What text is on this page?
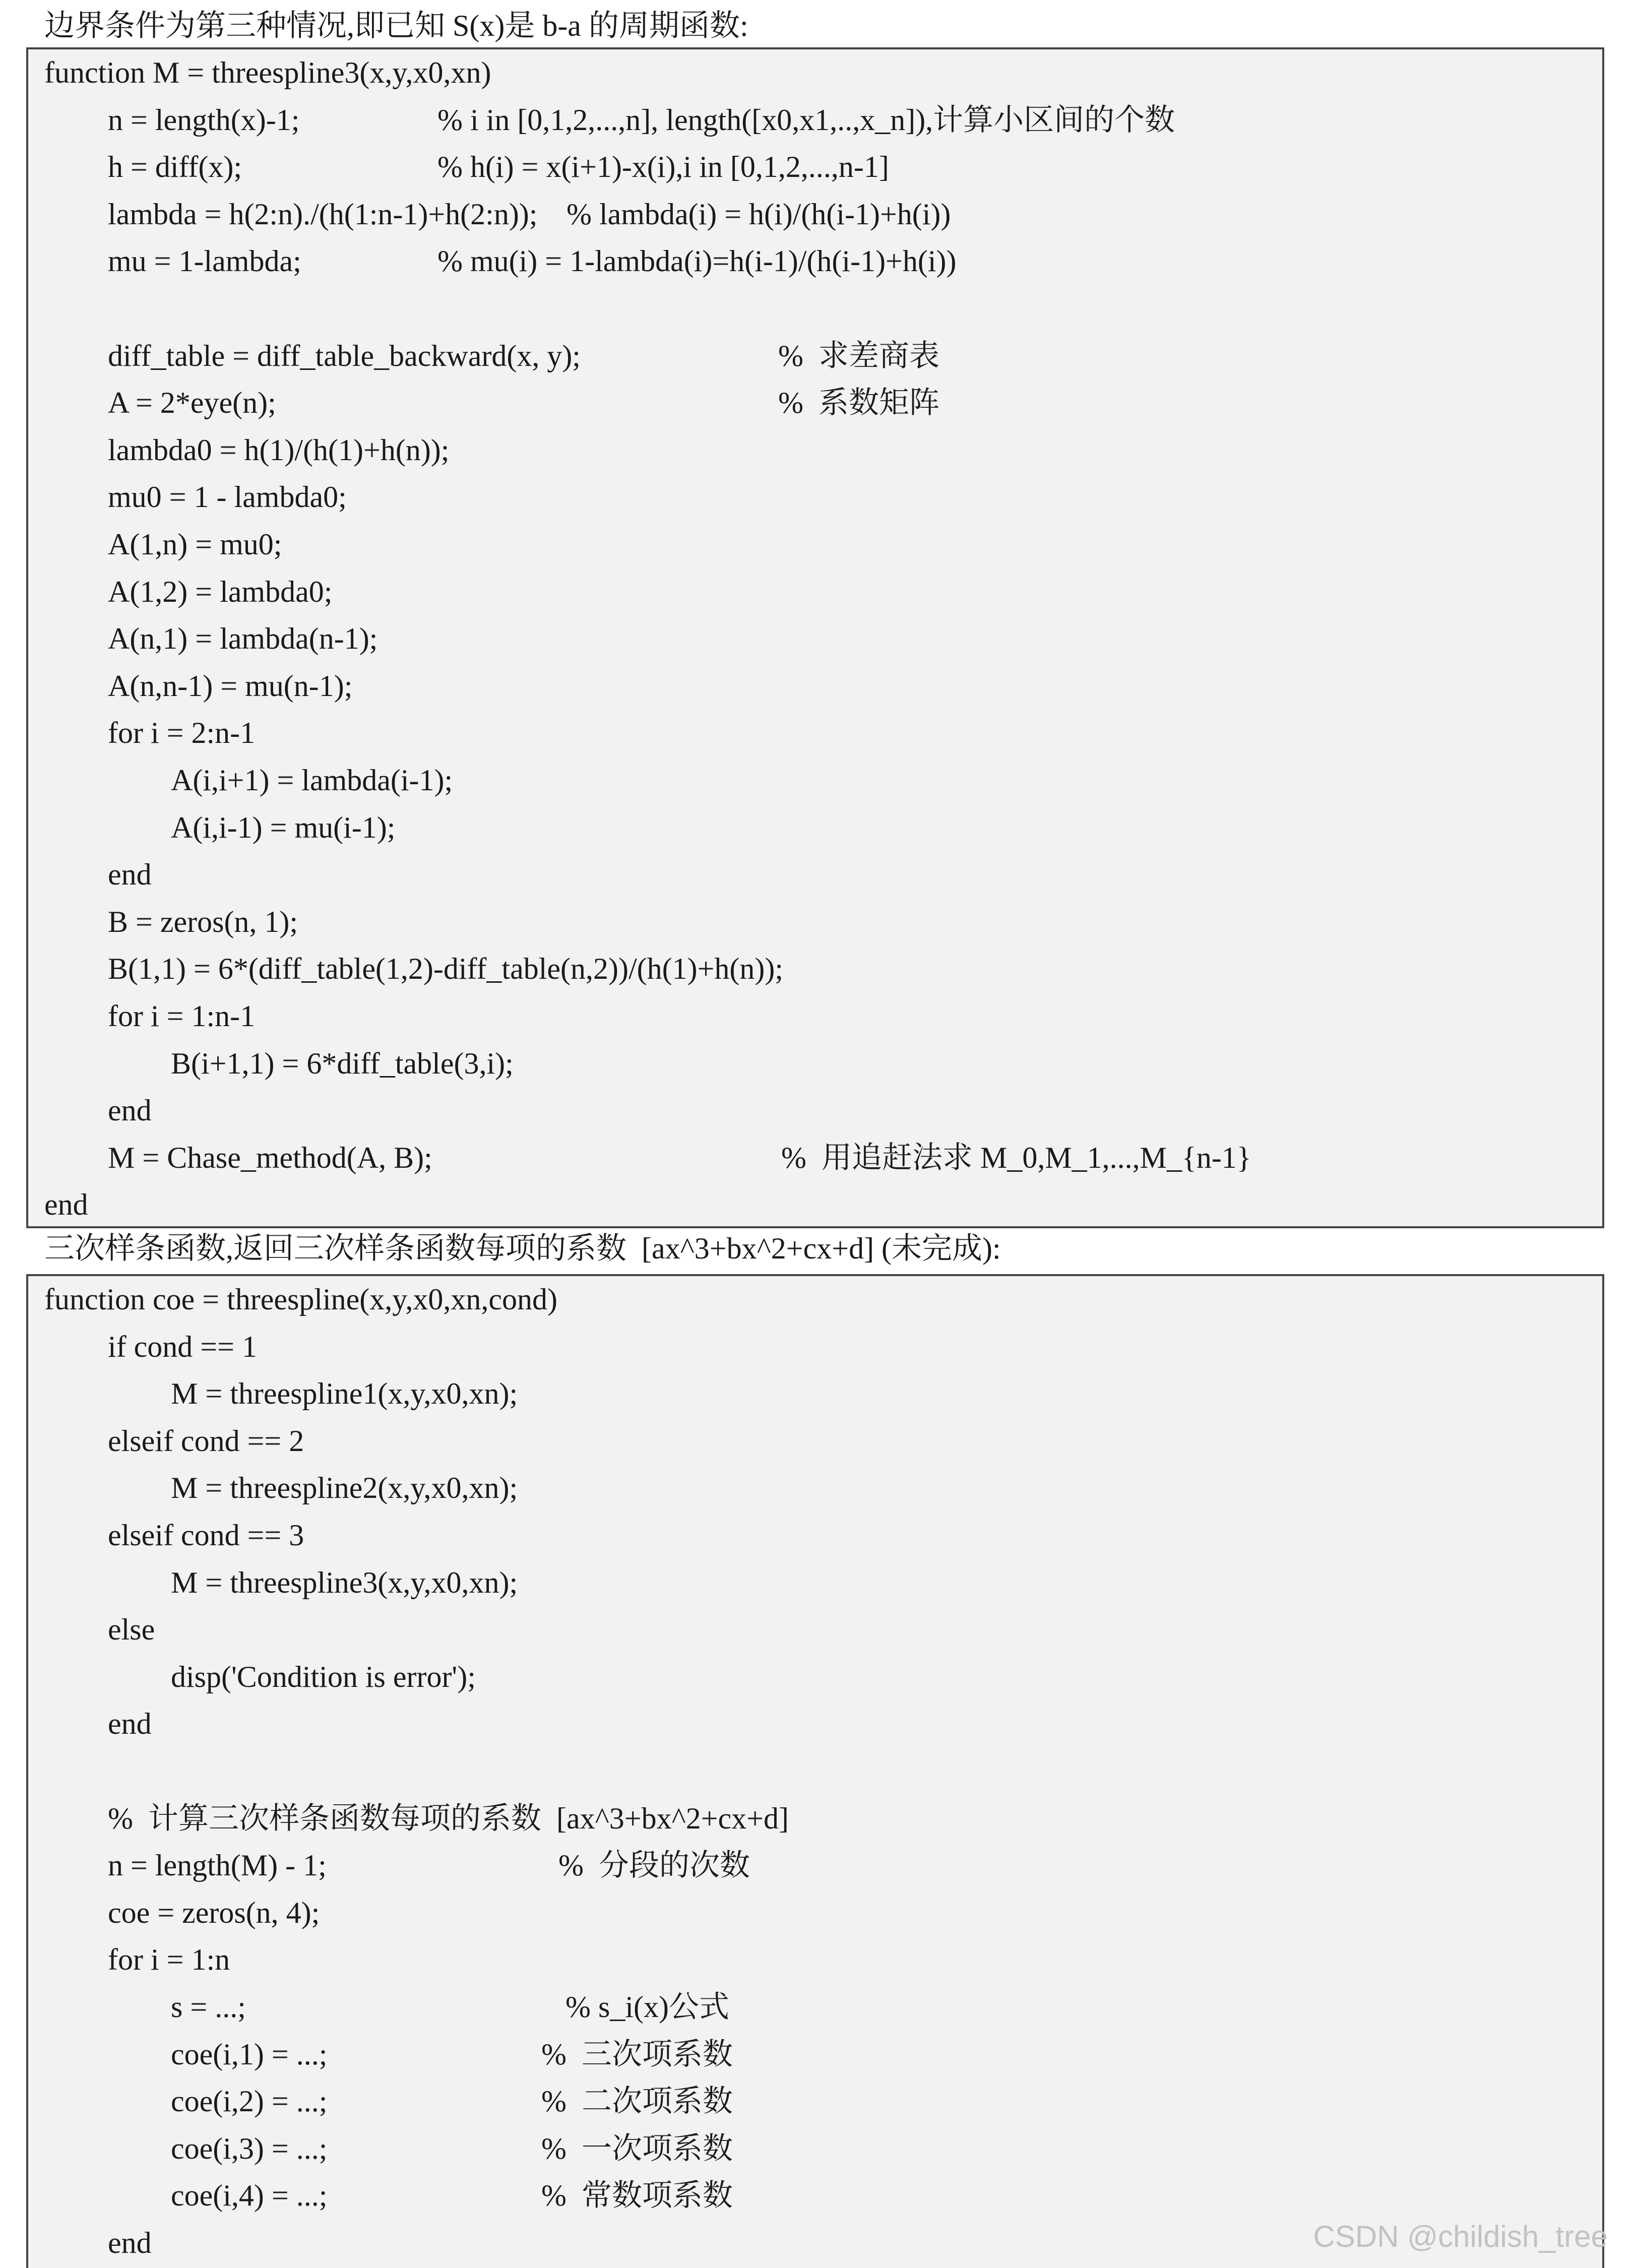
边界条件为第三种情况,即已知 S(x)是 b-a 的周期函数:
function M = threespline3(x,y,x0,xn)
n = length(x)-1;	% i in [0,1,2,...,n], length([x0,x1,..,x_n]),计算小区间的个数
h = diff(x);	% h(i) = x(i+1)-x(i),i in [0,1,2,...,n-1]
lambda = h(2:n)./(h(1:n-1)+h(2:n)); % lambda(i) = h(i)/(h(i-1)+h(i))
mu = 1-lambda;	% mu(i) = 1-lambda(i)=h(i-1)/(h(i-1)+h(i))
diff_table = diff_table_backward(x, y);	%  求差商表
A = 2*eye(n);	%  系数矩阵
lambda0 = h(1)/(h(1)+h(n));
mu0 = 1 - lambda0;
A(1,n) = mu0;
A(1,2) = lambda0;
A(n,1) = lambda(n-1);
A(n,n-1) = mu(n-1);
for i = 2:n-1
A(i,i+1) = lambda(i-1);
A(i,i-1) = mu(i-1);
end
B = zeros(n, 1);
B(1,1) = 6*(diff_table(1,2)-diff_table(n,2))/(h(1)+h(n));
for i = 1:n-1
B(i+1,1) = 6*diff_table(3,i);
end
M = Chase_method(A, B);	%  用追赶法求 M_0,M_1,...,M_{n-1}
end
三次样条函数,返回三次样条函数每项的系数  [ax^3+bx^2+cx+d] (未完成):
function coe = threespline(x,y,x0,xn,cond)
if cond == 1
M = threespline1(x,y,x0,xn);
elseif cond == 2
M = threespline2(x,y,x0,xn);
elseif cond == 3
M = threespline3(x,y,x0,xn);
else
disp('Condition is error');
end
%  计算三次样条函数每项的系数  [ax^3+bx^2+cx+d]
n = length(M) - 1;	%  分段的次数
coe = zeros(n, 4);
for i = 1:n
s = ...;	% s_i(x)公式
coe(i,1) = ...;	%  三次项系数
coe(i,2) = ...;	%  二次项系数
coe(i,3) = ...;	%  一次项系数
coe(i,4) = ...;	%  常数项系数
end	CSDN @childish_tree
